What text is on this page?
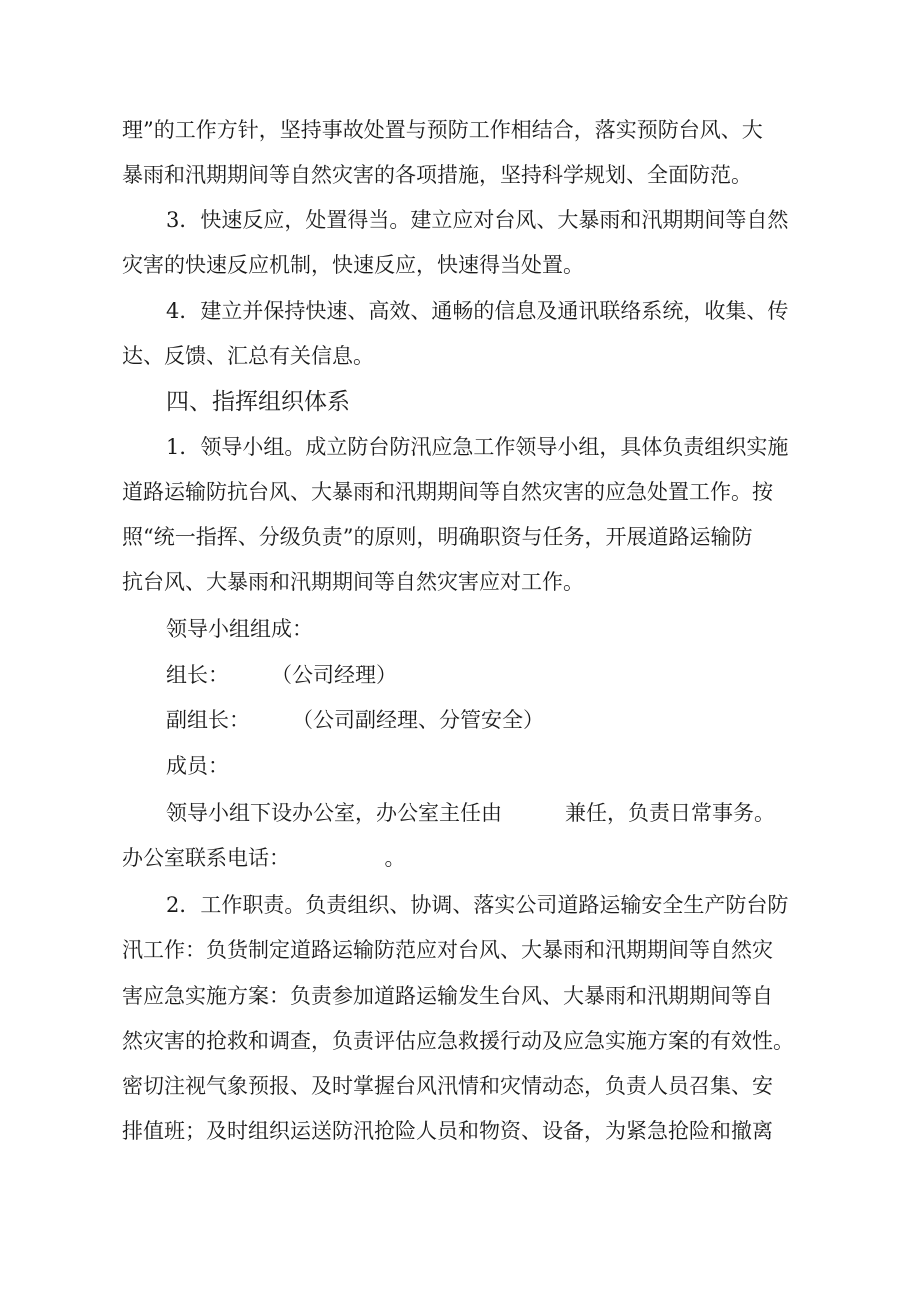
理”的工作方针，坚持事故处置与预防工作相结合，落实预防台风、大
暴雨和汛期期间等自然灾害的各项措施，坚持科学规划、全面防范。
3．快速反应，处置得当。建立应对台风、大暴雨和汛期期间等自然
灾害的快速反应机制，快速反应，快速得当处置。
4．建立并保持快速、高效、通畅的信息及通讯联络系统，收集、传
达、反馈、汇总有关信息。
四、指挥组织体系
1．领导小组。成立防台防汛应急工作领导小组，具体负责组织实施
道路运输防抗台风、大暴雨和汛期期间等自然灾害的应急处置工作。按
照“统一指挥、分级负责”的原则，明确职资与任务，开展道路运输防
抗台风、大暴雨和汛期期间等自然灾害应对工作。
领导小组组成：
组长：　　　（公司经理）
副组长：　　　（公司副经理、分管安全）
成员：
领导小组下设办公室，办公室主任由　　　兼任，负责日常事务。
办公室联系电话：　　　　　。
2．工作职责。负责组织、协调、落实公司道路运输安全生产防台防
汛工作：负货制定道路运输防范应对台风、大暴雨和汛期期间等自然灾
害应急实施方案：负责参加道路运输发生台风、大暴雨和汛期期间等自
然灾害的抢救和调查，负责评估应急救援行动及应急实施方案的有效性。
密切注视气象预报、及时掌握台风汛情和灾情动态，负责人员召集、安
排值班；及时组织运送防汛抢险人员和物资、设备，为紧急抢险和撤离
